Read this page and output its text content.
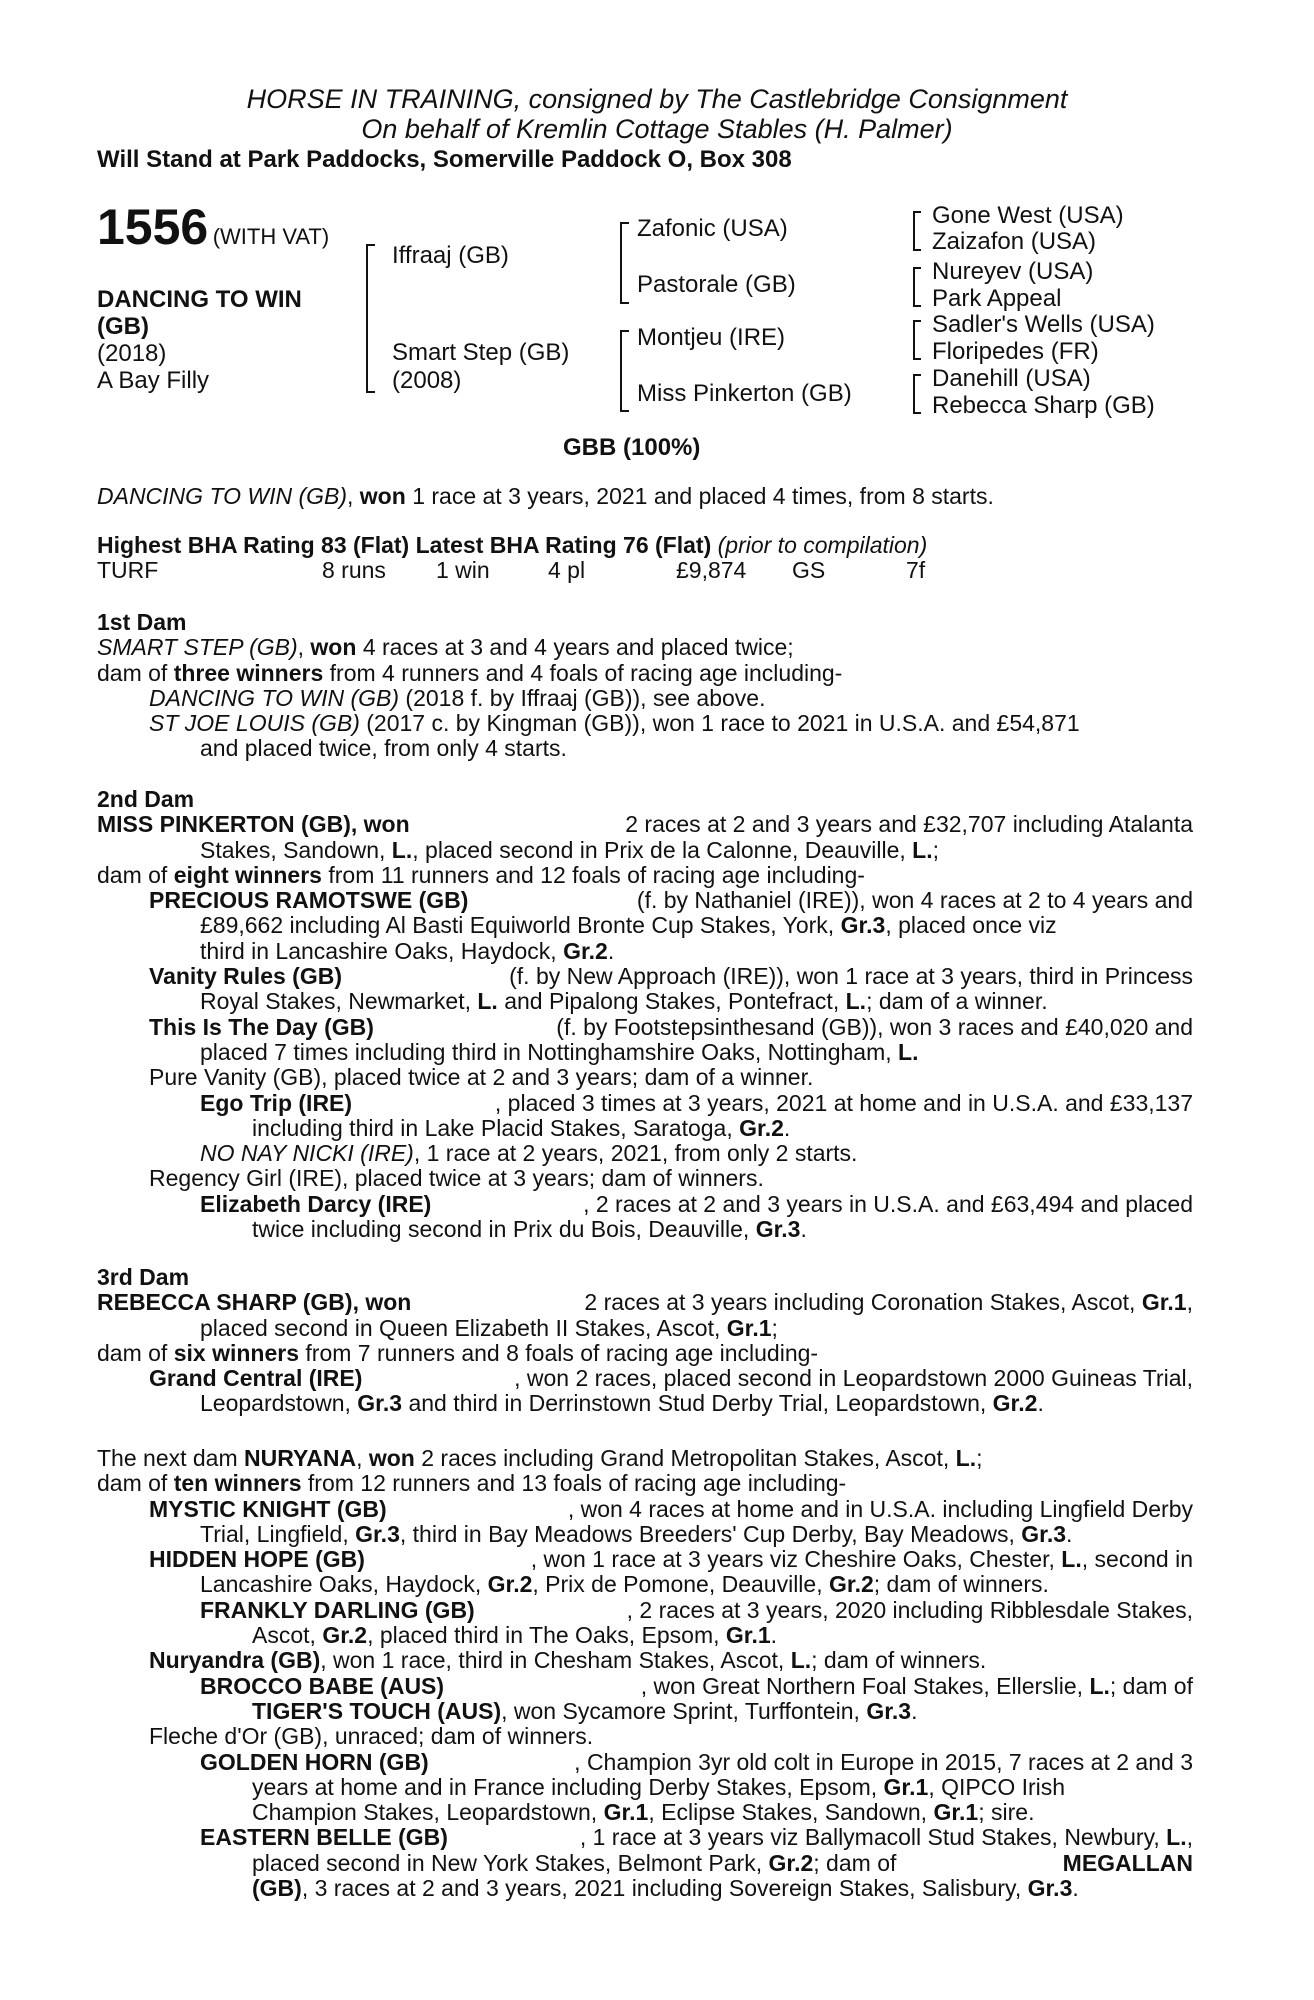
HORSE IN TRAINING, consigned by The Castlebridge Consignment
On behalf of Kremlin Cottage Stables (H. Palmer)
Will Stand at Park Paddocks, Somerville Paddock O, Box 308
1556 (WITH VAT)
DANCING TO WIN
(GB)
(2018)
A Bay Filly
Iffraaj (GB)
Smart Step (GB)
(2008)
Zafonic (USA)
Pastorale (GB)
Montjeu (IRE)
Miss Pinkerton (GB)
Gone West (USA)
Zaizafon (USA)
Nureyev (USA)
Park Appeal
Sadler's Wells (USA)
Floripedes (FR)
Danehill (USA)
Rebecca Sharp (GB)
GBB (100%)
DANCING TO WIN (GB), won 1 race at 3 years, 2021 and placed 4 times, from 8 starts.
Highest BHA Rating 83 (Flat) Latest BHA Rating 76 (Flat) (prior to compilation)
TURF	8 runs 1 win	4 pl	£9,874 GS	7f
1st Dam
SMART STEP (GB), won 4 races at 3 and 4 years and placed twice;
dam of three winners from 4 runners and 4 foals of racing age including-
DANCING TO WIN (GB) (2018 f. by Iffraaj (GB)), see above.
ST JOE LOUIS (GB) (2017 c. by Kingman (GB)), won 1 race to 2021 in U.S.A. and £54,871
and placed twice, from only 4 starts.
2nd Dam
MISS PINKERTON (GB), won	2 races at 2 and 3 years and £32,707 including Atalanta
Stakes, Sandown, L., placed second in Prix de la Calonne, Deauville, L.;
dam of eight winners from 11 runners and 12 foals of racing age including-
PRECIOUS RAMOTSWE (GB)	(f. by Nathaniel (IRE)), won 4 races at 2 to 4 years and
£89,662 including Al Basti Equiworld Bronte Cup Stakes, York, Gr.3, placed once viz
third in Lancashire Oaks, Haydock, Gr.2.
Vanity Rules (GB)	(f. by New Approach (IRE)), won 1 race at 3 years, third in Princess
Royal Stakes, Newmarket, L. and Pipalong Stakes, Pontefract, L.; dam of a winner.
This Is The Day (GB)	(f. by Footstepsinthesand (GB)), won 3 races and £40,020 and
placed 7 times including third in Nottinghamshire Oaks, Nottingham, L.
Pure Vanity (GB), placed twice at 2 and 3 years; dam of a winner.
Ego Trip (IRE)	, placed 3 times at 3 years, 2021 at home and in U.S.A. and £33,137
including third in Lake Placid Stakes, Saratoga, Gr.2.
NO NAY NICKI (IRE), 1 race at 2 years, 2021, from only 2 starts.
Regency Girl (IRE), placed twice at 3 years; dam of winners.
Elizabeth Darcy (IRE)	, 2 races at 2 and 3 years in U.S.A. and £63,494 and placed
twice including second in Prix du Bois, Deauville, Gr.3.
3rd Dam
REBECCA SHARP (GB), won	2 races at 3 years including Coronation Stakes, Ascot, Gr.1,
placed second in Queen Elizabeth II Stakes, Ascot, Gr.1;
dam of six winners from 7 runners and 8 foals of racing age including-
Grand Central (IRE)	, won 2 races, placed second in Leopardstown 2000 Guineas Trial,
Leopardstown, Gr.3 and third in Derrinstown Stud Derby Trial, Leopardstown, Gr.2.
The next dam NURYANA, won 2 races including Grand Metropolitan Stakes, Ascot, L.;
dam of ten winners from 12 runners and 13 foals of racing age including-
MYSTIC KNIGHT (GB)	, won 4 races at home and in U.S.A. including Lingfield Derby
Trial, Lingfield, Gr.3, third in Bay Meadows Breeders' Cup Derby, Bay Meadows, Gr.3.
HIDDEN HOPE (GB)	, won 1 race at 3 years viz Cheshire Oaks, Chester, L., second in
Lancashire Oaks, Haydock, Gr.2, Prix de Pomone, Deauville, Gr.2; dam of winners.
FRANKLY DARLING (GB)	, 2 races at 3 years, 2020 including Ribblesdale Stakes,
Ascot, Gr.2, placed third in The Oaks, Epsom, Gr.1.
Nuryandra (GB), won 1 race, third in Chesham Stakes, Ascot, L.; dam of winners.
BROCCO BABE (AUS)	, won Great Northern Foal Stakes, Ellerslie, L.; dam of
TIGER'S TOUCH (AUS), won Sycamore Sprint, Turffontein, Gr.3.
Fleche d'Or (GB), unraced; dam of winners.
GOLDEN HORN (GB)	, Champion 3yr old colt in Europe in 2015, 7 races at 2 and 3
years at home and in France including Derby Stakes, Epsom, Gr.1, QIPCO Irish
Champion Stakes, Leopardstown, Gr.1, Eclipse Stakes, Sandown, Gr.1; sire.
EASTERN BELLE (GB)	, 1 race at 3 years viz Ballymacoll Stud Stakes, Newbury, L.,
placed second in New York Stakes, Belmont Park, Gr.2; dam of	MEGALLAN
(GB), 3 races at 2 and 3 years, 2021 including Sovereign Stakes, Salisbury, Gr.3.
